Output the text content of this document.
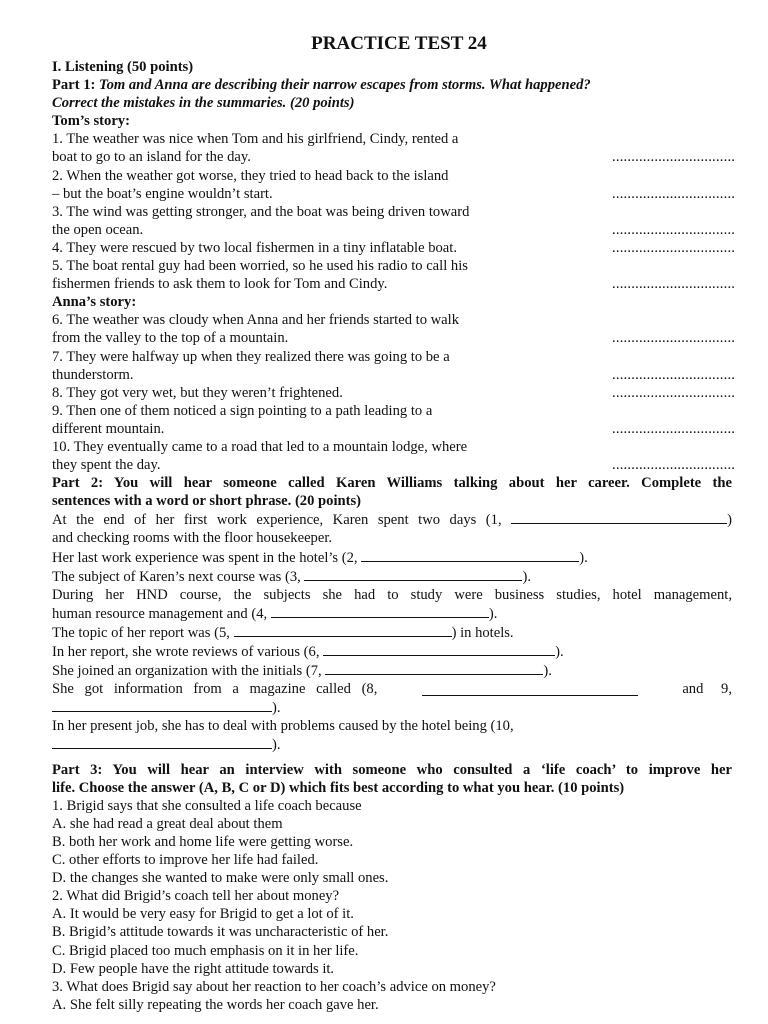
PRACTICE TEST 24
I. Listening (50 points)
Part 1: Tom and Anna are describing their narrow escapes from storms. What happened?
Correct the mistakes in the summaries. (20 points)
Tom’s story:
1. The weather was nice when Tom and his girlfriend, Cindy, rented a
boat to go to an island for the day.	................................
2. When the weather got worse, they tried to head back to the island
– but the boat’s engine wouldn’t start.	................................
3. The wind was getting stronger, and the boat was being driven toward
the open ocean.	................................
4. They were rescued by two local fishermen in a tiny inflatable boat.	................................
5. The boat rental guy had been worried, so he used his radio to call his
fishermen friends to ask them to look for Tom and Cindy.	................................
Anna’s story:
6. The weather was cloudy when Anna and her friends started to walk
from the valley to the top of a mountain.	................................
7. They were halfway up when they realized there was going to be a
thunderstorm.	................................
8. They got very wet, but they weren’t frightened.	................................
9. Then one of them noticed a sign pointing to a path leading to a
different mountain.	................................
10. They eventually came to a road that led to a mountain lodge, where
they spent the day.	................................
Part 2: You will hear someone called Karen Williams talking about her career. Complete the
sentences with a word or short phrase. (20 points)
At the end of her first work experience, Karen spent two days (1,	)
and checking rooms with the floor housekeeper.
Her last work experience was spent in the hotel’s (2,	).
The subject of Karen’s next course was (3,	).
During her HND course, the subjects she had to study were business studies, hotel management,
human resource management and (4,	).
The topic of her report was (5,	) in hotels.
In her report, she wrote reviews of various (6,	).
She joined an organization with the initials (7,	).
She got information from a magazine called (8,	and 9,
).
In her present job, she has to deal with problems caused by the hotel being (10,
).
Part 3: You will hear an interview with someone who consulted a ‘life coach’ to improve her
life. Choose the answer (A, B, C or D) which fits best according to what you hear. (10 points)
1. Brigid says that she consulted a life coach because
A. she had read a great deal about them
B. both her work and home life were getting worse.
C. other efforts to improve her life had failed.
D. the changes she wanted to make were only small ones.
2. What did Brigid’s coach tell her about money?
A. It would be very easy for Brigid to get a lot of it.
B. Brigid’s attitude towards it was uncharacteristic of her.
C. Brigid placed too much emphasis on it in her life.
D. Few people have the right attitude towards it.
3. What does Brigid say about her reaction to her coach’s advice on money?
A. She felt silly repeating the words her coach gave her.
